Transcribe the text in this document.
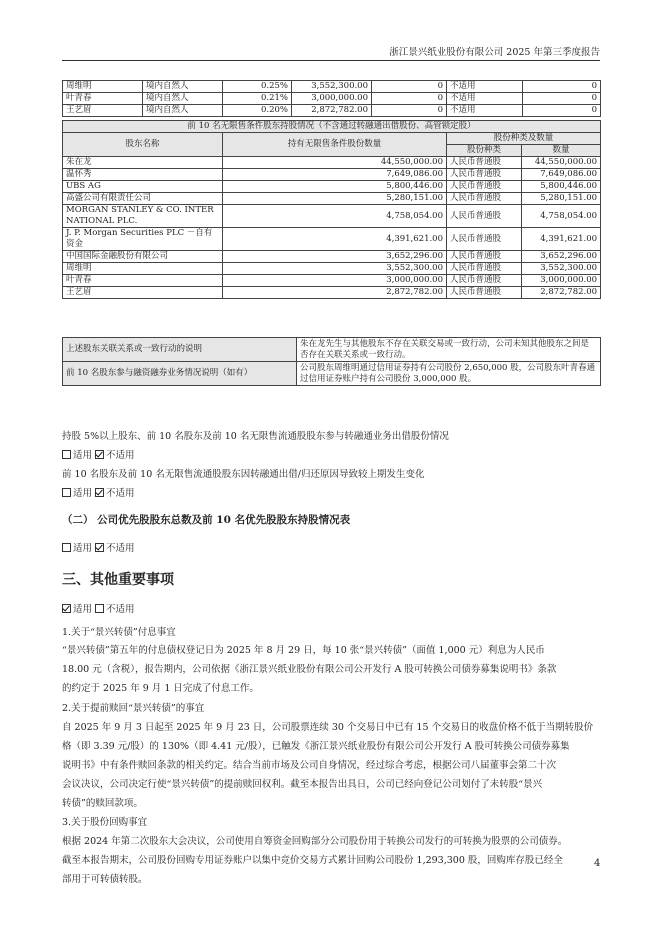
浙江景兴纸业股份有限公司 2025 年第三季度报告
周维明	境内自然人	0.25%	3,552,300.00	0	不适用	0
叶青春	境内自然人	0.21%	3,000,000.00	0	不适用	0
王艺眉	境内自然人	0.20%	2,872,782.00	0	不适用	0
前 10 名无限售条件股东持股情况（不含通过转融通出借股份、高管锁定股）			
股东名称	持有无限售条件股份数量	股份种类及数量	
		股份种类	数量
朱在龙	44,550,000.00	人民币普通股	44,550,000.00
温怀秀	7,649,086.00	人民币普通股	7,649,086.00
UBS AG	5,800,446.00	人民币普通股	5,800,446.00
高盛公司有限责任公司	5,280,151.00	人民币普通股	5,280,151.00
MORGAN STANLEY & CO. INTERNATIONAL PLC.	4,758,054.00	人民币普通股	4,758,054.00
J. P. Morgan Securities PLC －自有资金	4,391,621.00	人民币普通股	4,391,621.00
中国国际金融股份有限公司	3,652,296.00	人民币普通股	3,652,296.00
周维明	3,552,300.00	人民币普通股	3,552,300.00
叶青春	3,000,000.00	人民币普通股	3,000,000.00
王艺眉	2,872,782.00	人民币普通股	2,872,782.00
上述股东关联关系或一致行动的说明	朱在龙先生与其他股东不存在关联交易或一致行动，公司未知其他股东之间是否存在关联关系或一致行动。
前 10 名股东参与融资融券业务情况说明（如有）	公司股东周维明通过信用证券持有公司股份 2,650,000 股，公司股东叶青春通过信用证券账户持有公司股份 3,000,000 股。
持股 5%以上股东、前 10 名股东及前 10 名无限售流通股股东参与转融通业务出借股份情况
适用 不适用
前 10 名股东及前 10 名无限售流通股股东因转融通出借/归还原因导致较上期发生变化
适用 不适用
（二） 公司优先股股东总数及前 10 名优先股股东持股情况表
适用 不适用
三、其他重要事项
适用 不适用
1.关于“景兴转债”付息事宜
“景兴转债”第五年的付息债权登记日为 2025 年 8 月 29 日，每 10 张“景兴转债”（面值 1,000 元）利息为人民币
18.00 元（含税），报告期内，公司依据《浙江景兴纸业股份有限公司公开发行 A 股可转换公司债券募集说明书》条款
的约定于 2025 年 9 月 1 日完成了付息工作。
2.关于提前赎回“景兴转债”的事宜
自 2025 年 9 月 3 日起至 2025 年 9 月 23 日，公司股票连续 30 个交易日中已有 15 个交易日的收盘价格不低于当期转股价
格（即 3.39 元/股）的 130%（即 4.41 元/股），已触发《浙江景兴纸业股份有限公司公开发行 A 股可转换公司债券募集
说明书》中有条件赎回条款的相关约定。结合当前市场及公司自身情况，经过综合考虑，根据公司八届董事会第二十次
会议决议，公司决定行使“景兴转债”的提前赎回权利。截至本报告出具日，公司已经向登记公司划付了未转股“景兴
转债”的赎回款项。
3.关于股份回购事宜
根据 2024 年第二次股东大会决议，公司使用自筹资金回购部分公司股份用于转换公司发行的可转换为股票的公司债券。
截至本报告期末，公司股份回购专用证券账户以集中竞价交易方式累计回购公司股份 1,293,300 股，回购库存股已经全
部用于可转债转股。
4
